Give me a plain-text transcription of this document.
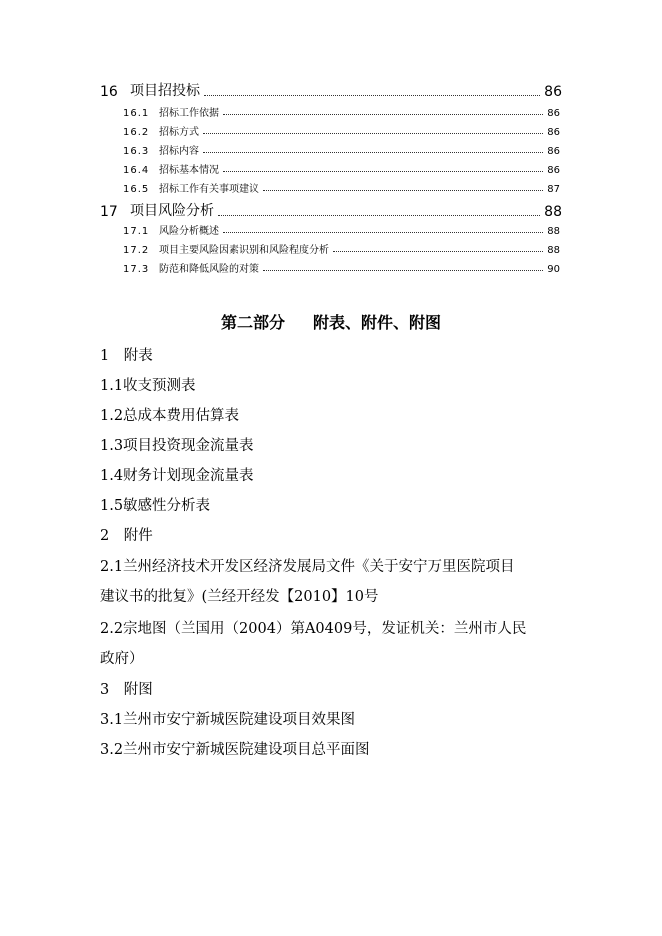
16 项目招投标	86
16.1 招标工作依据	86
16.2 招标方式	86
16.3 招标内容	86
16.4 招标基本情况	86
16.5 招标工作有关事项建议	87
17 项目风险分析	88
17.1 风险分析概述	88
17.2 项目主要风险因素识别和风险程度分析	88
17.3 防范和降低风险的对策	90
第二部分 附表、附件、附图
1　附表
1.1收支预测表
1.2总成本费用估算表
1.3项目投资现金流量表
1.4财务计划现金流量表
1.5敏感性分析表
2　附件
2.1兰州经济技术开发区经济发展局文件《关于安宁万里医院项目
建议书的批复》(兰经开经发【2010】10号
2.2宗地图（兰国用（2004）第A0409号，发证机关：兰州市人民
政府）
3　附图
3.1兰州市安宁新城医院建设项目效果图
3.2兰州市安宁新城医院建设项目总平面图
